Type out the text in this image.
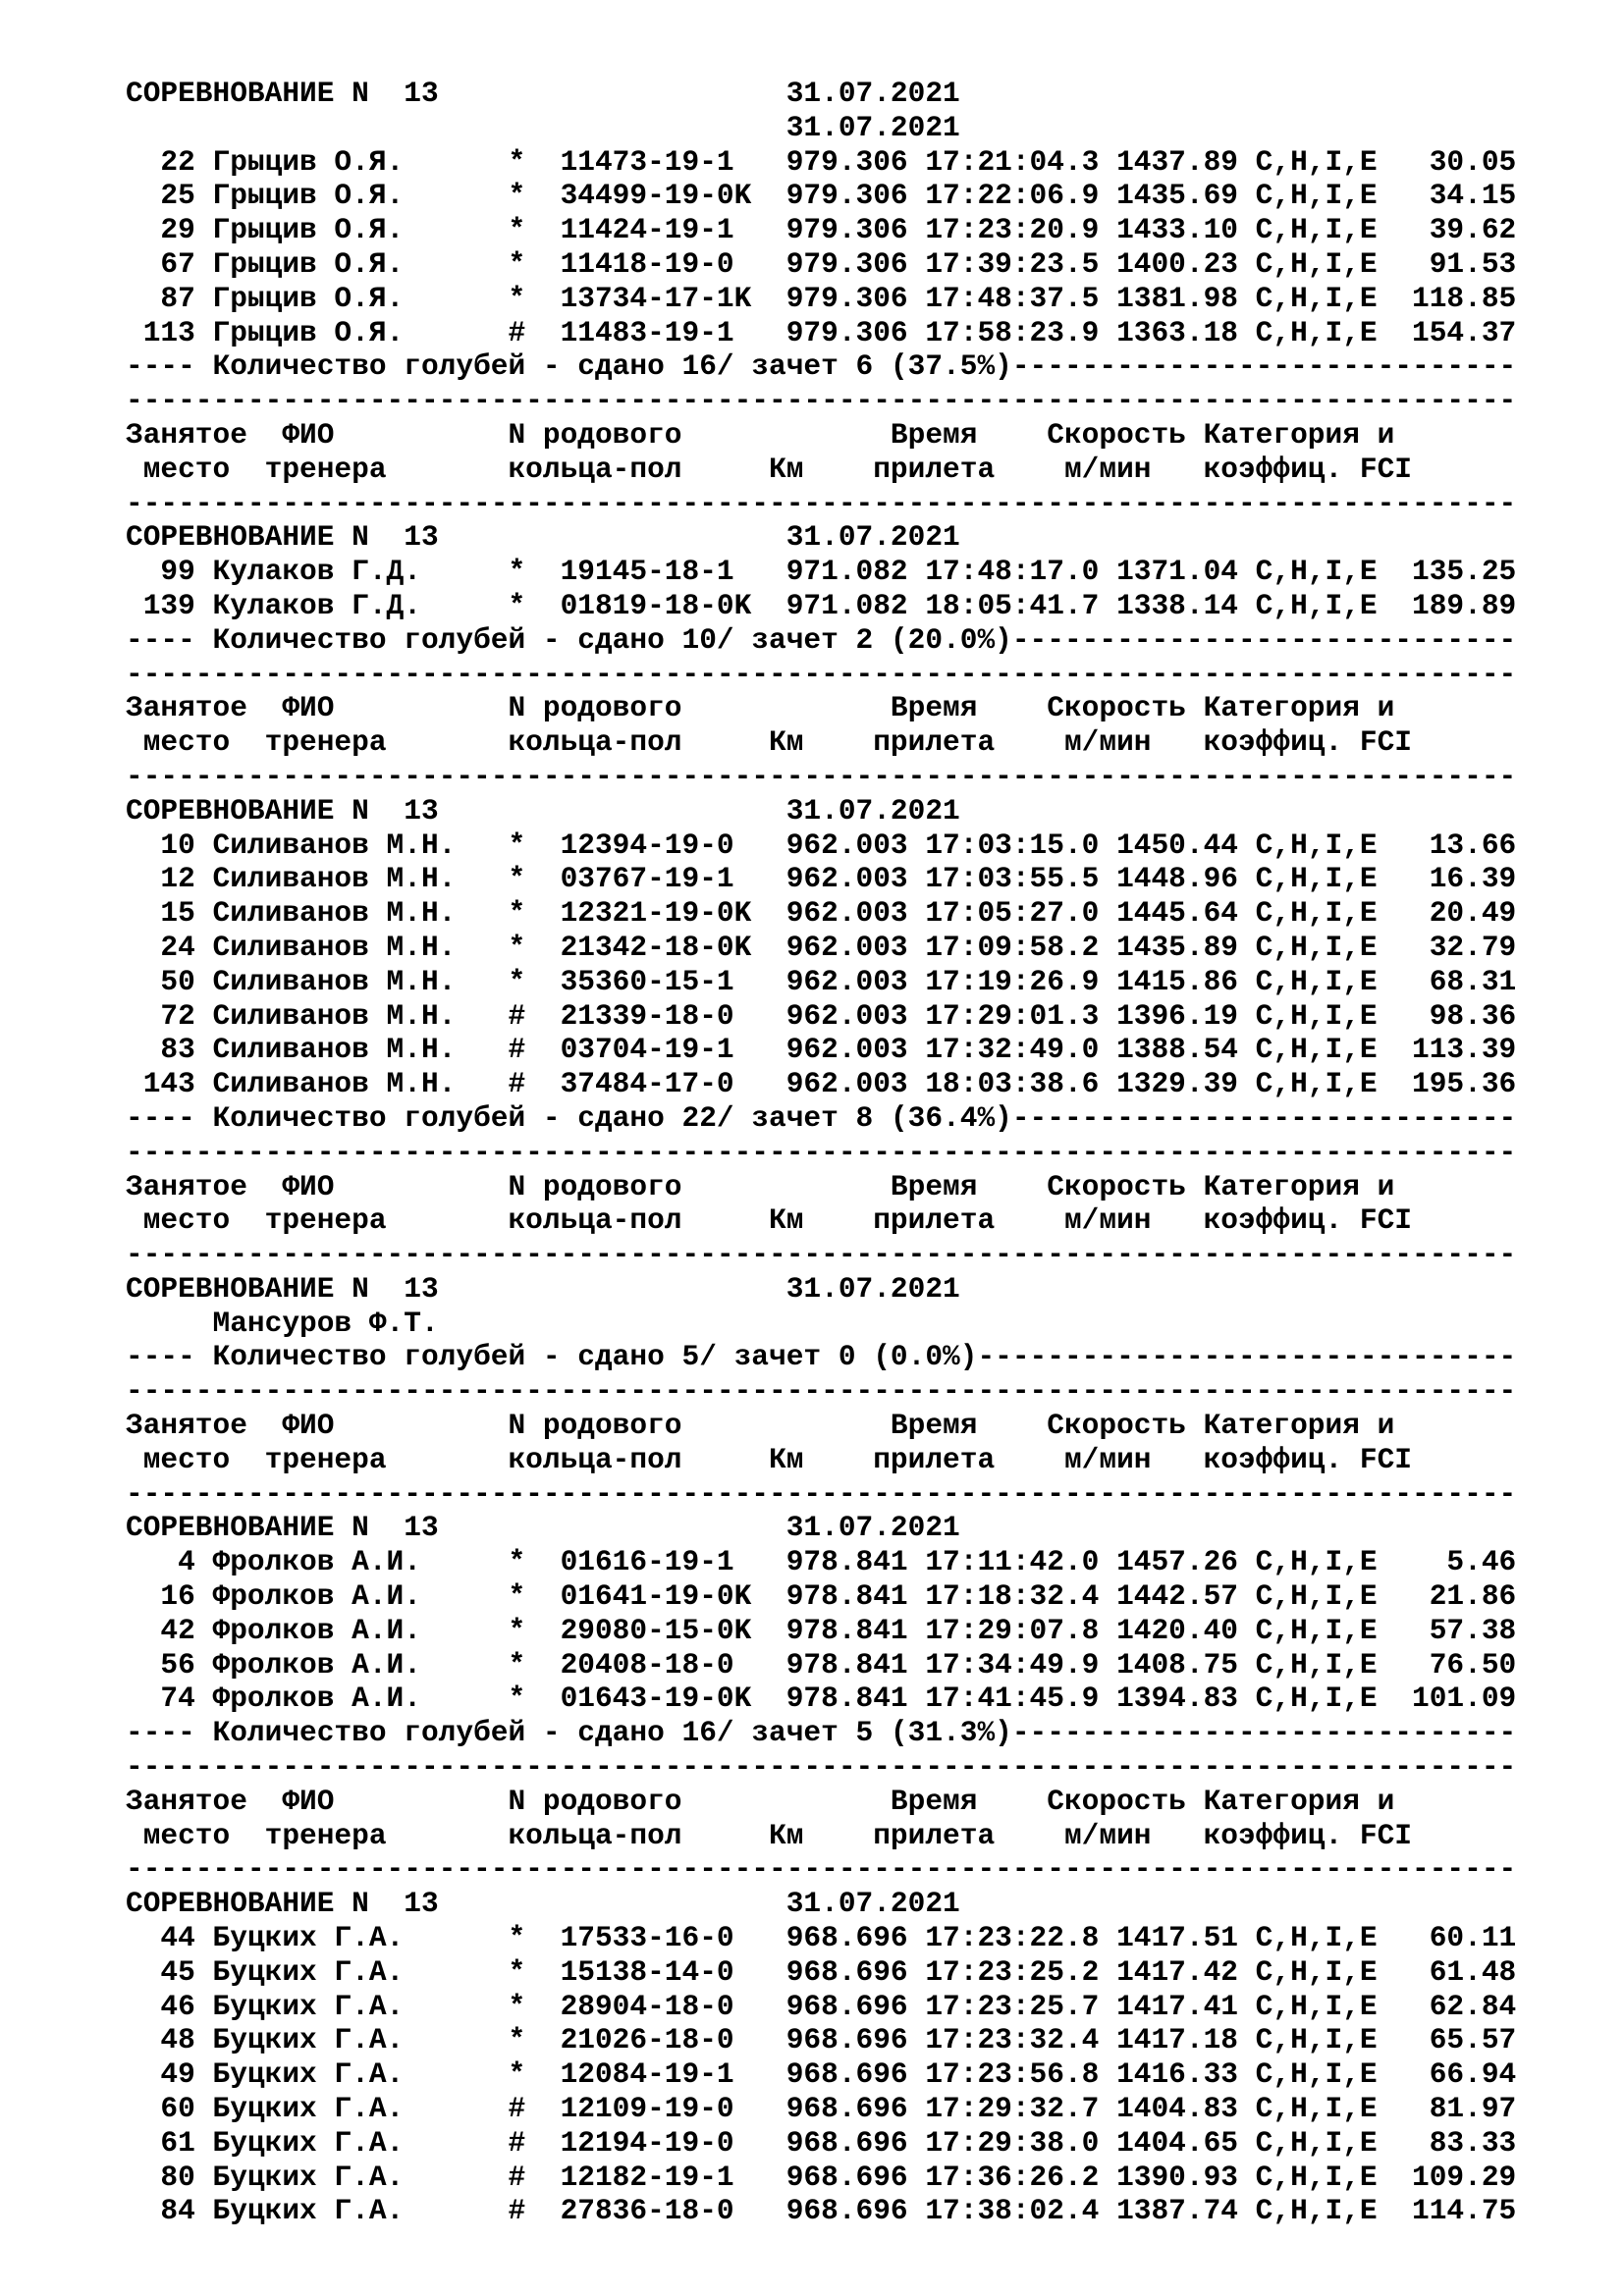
СОРЕВНОВАНИЕ N  13                    31.07.2021
31.07.2021
22 Грыцив О.Я.      *  11473-19-1   979.306 17:21:04.3 1437.89 C,H,I,E   30.05
25 Грыцив О.Я.      *  34499-19-0K  979.306 17:22:06.9 1435.69 C,H,I,E   34.15
29 Грыцив О.Я.      *  11424-19-1   979.306 17:23:20.9 1433.10 C,H,I,E   39.62
67 Грыцив О.Я.      *  11418-19-0   979.306 17:39:23.5 1400.23 C,H,I,E   91.53
87 Грыцив О.Я.      *  13734-17-1K  979.306 17:48:37.5 1381.98 C,H,I,E  118.85
113 Грыцив О.Я.      #  11483-19-1   979.306 17:58:23.9 1363.18 C,H,I,E  154.37
---- Количество голубей - сдано 16/ зачет 6 (37.5%)-----------------------------
--------------------------------------------------------------------------------
Занятое  ФИО          N родового            Время    Скорость Категория и
место  тренера       кольца-пол     Км    прилета    м/мин   коэффиц. FCI
--------------------------------------------------------------------------------
СОРЕВНОВАНИЕ N  13                    31.07.2021
99 Кулаков Г.Д.     *  19145-18-1   971.082 17:48:17.0 1371.04 C,H,I,E  135.25
139 Кулаков Г.Д.     *  01819-18-0K  971.082 18:05:41.7 1338.14 C,H,I,E  189.89
---- Количество голубей - сдано 10/ зачет 2 (20.0%)-----------------------------
--------------------------------------------------------------------------------
Занятое  ФИО          N родового            Время    Скорость Категория и
место  тренера       кольца-пол     Км    прилета    м/мин   коэффиц. FCI
--------------------------------------------------------------------------------
СОРЕВНОВАНИЕ N  13                    31.07.2021
10 Силиванов М.Н.   *  12394-19-0   962.003 17:03:15.0 1450.44 C,H,I,E   13.66
12 Силиванов М.Н.   *  03767-19-1   962.003 17:03:55.5 1448.96 C,H,I,E   16.39
15 Силиванов М.Н.   *  12321-19-0K  962.003 17:05:27.0 1445.64 C,H,I,E   20.49
24 Силиванов М.Н.   *  21342-18-0K  962.003 17:09:58.2 1435.89 C,H,I,E   32.79
50 Силиванов М.Н.   *  35360-15-1   962.003 17:19:26.9 1415.86 C,H,I,E   68.31
72 Силиванов М.Н.   #  21339-18-0   962.003 17:29:01.3 1396.19 C,H,I,E   98.36
83 Силиванов М.Н.   #  03704-19-1   962.003 17:32:49.0 1388.54 C,H,I,E  113.39
143 Силиванов М.Н.   #  37484-17-0   962.003 18:03:38.6 1329.39 C,H,I,E  195.36
---- Количество голубей - сдано 22/ зачет 8 (36.4%)-----------------------------
--------------------------------------------------------------------------------
Занятое  ФИО          N родового            Время    Скорость Категория и
место  тренера       кольца-пол     Км    прилета    м/мин   коэффиц. FCI
--------------------------------------------------------------------------------
СОРЕВНОВАНИЕ N  13                    31.07.2021
Мансуров Ф.Т.
---- Количество голубей - сдано 5/ зачет 0 (0.0%)-------------------------------
--------------------------------------------------------------------------------
Занятое  ФИО          N родового            Время    Скорость Категория и
место  тренера       кольца-пол     Км    прилета    м/мин   коэффиц. FCI
--------------------------------------------------------------------------------
СОРЕВНОВАНИЕ N  13                    31.07.2021
4 Фролков А.И.     *  01616-19-1   978.841 17:11:42.0 1457.26 C,H,I,E    5.46
16 Фролков А.И.     *  01641-19-0K  978.841 17:18:32.4 1442.57 C,H,I,E   21.86
42 Фролков А.И.     *  29080-15-0K  978.841 17:29:07.8 1420.40 C,H,I,E   57.38
56 Фролков А.И.     *  20408-18-0   978.841 17:34:49.9 1408.75 C,H,I,E   76.50
74 Фролков А.И.     *  01643-19-0K  978.841 17:41:45.9 1394.83 C,H,I,E  101.09
---- Количество голубей - сдано 16/ зачет 5 (31.3%)-----------------------------
--------------------------------------------------------------------------------
Занятое  ФИО          N родового            Время    Скорость Категория и
место  тренера       кольца-пол     Км    прилета    м/мин   коэффиц. FCI
--------------------------------------------------------------------------------
СОРЕВНОВАНИЕ N  13                    31.07.2021
44 Буцких Г.А.      *  17533-16-0   968.696 17:23:22.8 1417.51 C,H,I,E   60.11
45 Буцких Г.А.      *  15138-14-0   968.696 17:23:25.2 1417.42 C,H,I,E   61.48
46 Буцких Г.А.      *  28904-18-0   968.696 17:23:25.7 1417.41 C,H,I,E   62.84
48 Буцких Г.А.      *  21026-18-0   968.696 17:23:32.4 1417.18 C,H,I,E   65.57
49 Буцких Г.А.      *  12084-19-1   968.696 17:23:56.8 1416.33 C,H,I,E   66.94
60 Буцких Г.А.      #  12109-19-0   968.696 17:29:32.7 1404.83 C,H,I,E   81.97
61 Буцких Г.А.      #  12194-19-0   968.696 17:29:38.0 1404.65 C,H,I,E   83.33
80 Буцких Г.А.      #  12182-19-1   968.696 17:36:26.2 1390.93 C,H,I,E  109.29
84 Буцких Г.А.      #  27836-18-0   968.696 17:38:02.4 1387.74 C,H,I,E  114.75
